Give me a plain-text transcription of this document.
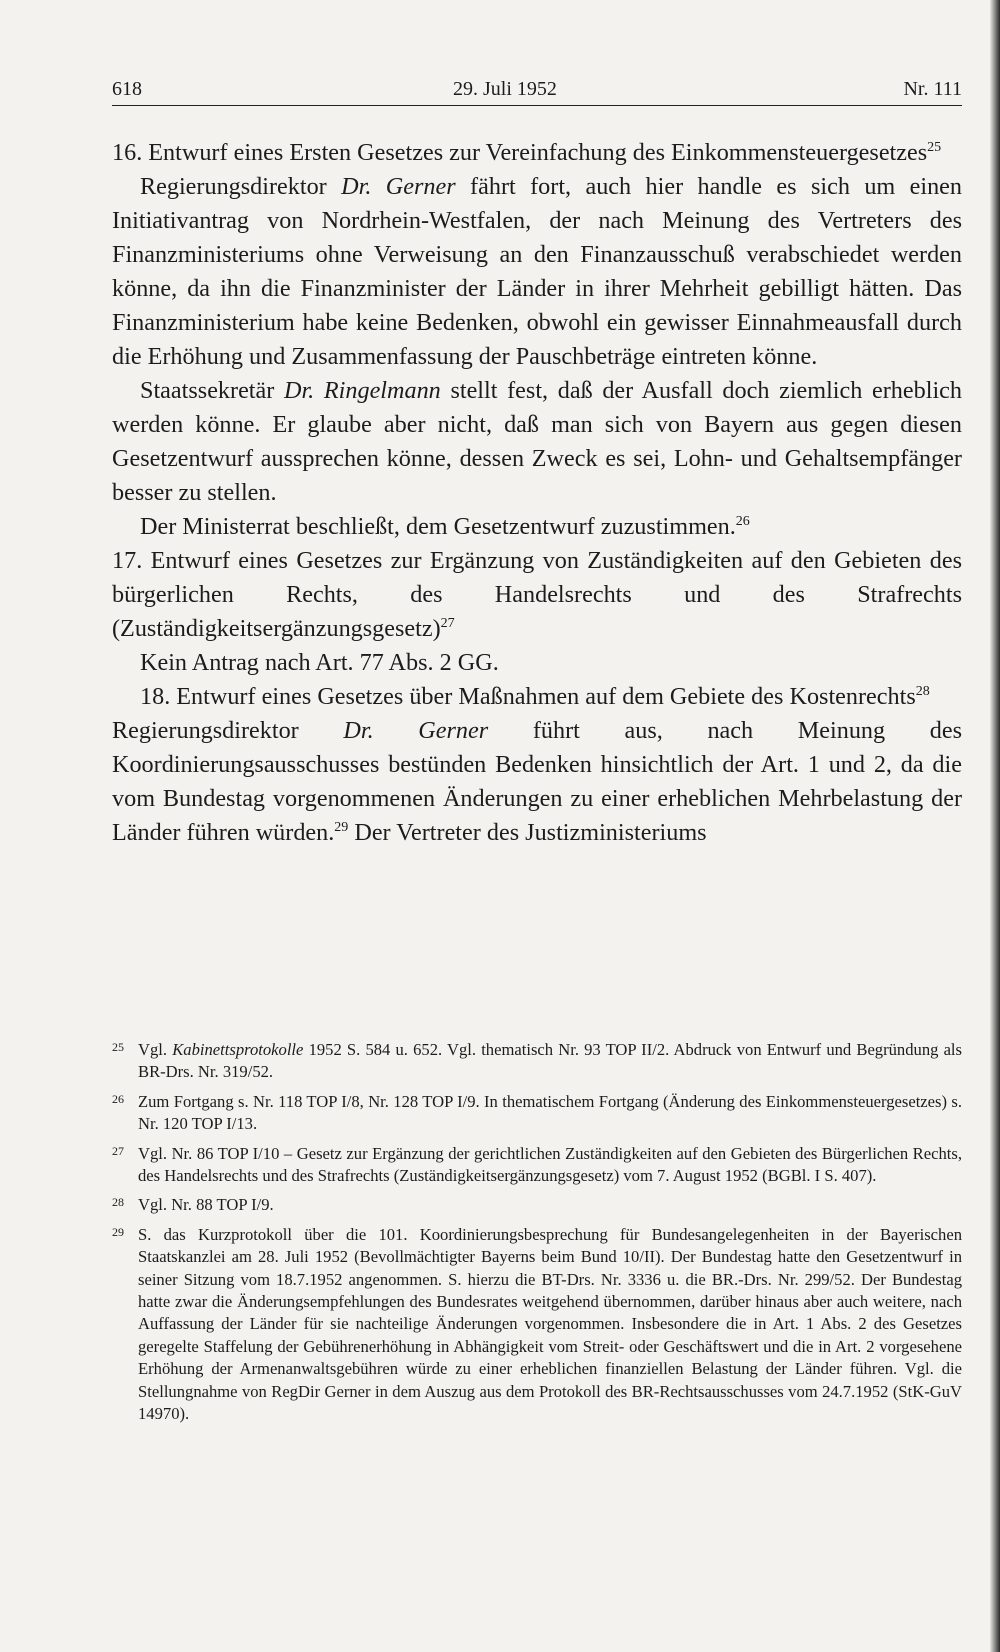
618	29. Juli 1952	Nr. 111

16. Entwurf eines Ersten Gesetzes zur Vereinfachung des Einkommensteuergesetzes$^{25}$

Regierungsdirektor Dr. Gerner fährt fort, auch hier handle es sich um einen Initiativantrag von Nordrhein-Westfalen, der nach Meinung des Vertreters des Finanzministeriums ohne Verweisung an den Finanzausschuß verabschiedet werden könne, da ihn die Finanzminister der Länder in ihrer Mehrheit gebilligt hätten. Das Finanzministerium habe keine Bedenken, obwohl ein gewisser Einnahmeausfall durch die Erhöhung und Zusammenfassung der Pauschbeträge eintreten könne.

Staatssekretär Dr. Ringelmann stellt fest, daß der Ausfall doch ziemlich erheblich werden könne. Er glaube aber nicht, daß man sich von Bayern aus gegen diesen Gesetzentwurf aussprechen könne, dessen Zweck es sei, Lohn- und Gehaltsempfänger besser zu stellen.

Der Ministerrat beschließt, dem Gesetzentwurf zuzustimmen.$^{26}$

17. Entwurf eines Gesetzes zur Ergänzung von Zuständigkeiten auf den Gebieten des bürgerlichen Rechts, des Handelsrechts und des Strafrechts (Zuständigkeitsergänzungsgesetz)$^{27}$

Kein Antrag nach Art. 77 Abs. 2 GG.

18. Entwurf eines Gesetzes über Maßnahmen auf dem Gebiete des Kostenrechts$^{28}$

Regierungsdirektor Dr. Gerner führt aus, nach Meinung des Koordinierungsausschusses bestünden Bedenken hinsichtlich der Art. 1 und 2, da die vom Bundestag vorgenommenen Änderungen zu einer erheblichen Mehrbelastung der Länder führen würden.$^{29}$ Der Vertreter des Justizministeriums

25 Vgl. Kabinettsprotokolle 1952 S. 584 u. 652. Vgl. thematisch Nr. 93 TOP II/2. Abdruck von Entwurf und Begründung als BR-Drs. Nr. 319/52.
26 Zum Fortgang s. Nr. 118 TOP I/8, Nr. 128 TOP I/9. In thematischem Fortgang (Änderung des Einkommensteuergesetzes) s. Nr. 120 TOP I/13.
27 Vgl. Nr. 86 TOP I/10 – Gesetz zur Ergänzung der gerichtlichen Zuständigkeiten auf den Gebieten des Bürgerlichen Rechts, des Handelsrechts und des Strafrechts (Zuständigkeitsergänzungsgesetz) vom 7. August 1952 (BGBl. I S. 407).
28 Vgl. Nr. 88 TOP I/9.
29 S. das Kurzprotokoll über die 101. Koordinierungsbesprechung für Bundesangelegenheiten in der Bayerischen Staatskanzlei am 28. Juli 1952 (Bevollmächtigter Bayerns beim Bund 10/II). Der Bundestag hatte den Gesetzentwurf in seiner Sitzung vom 18.7.1952 angenommen. S. hierzu die BT-Drs. Nr. 3336 u. die BR.-Drs. Nr. 299/52. Der Bundestag hatte zwar die Änderungsempfehlungen des Bundesrates weitgehend übernommen, darüber hinaus aber auch weitere, nach Auffassung der Länder für sie nachteilige Änderungen vorgenommen. Insbesondere die in Art. 1 Abs. 2 des Gesetzes geregelte Staffelung der Gebührenerhöhung in Abhängigkeit vom Streit- oder Geschäftswert und die in Art. 2 vorgesehene Erhöhung der Armenanwaltsgebühren würde zu einer erheblichen finanziellen Belastung der Länder führen. Vgl. die Stellungnahme von RegDir Gerner in dem Auszug aus dem Protokoll des BR-Rechtsausschusses vom 24.7.1952 (StK-GuV 14970).
